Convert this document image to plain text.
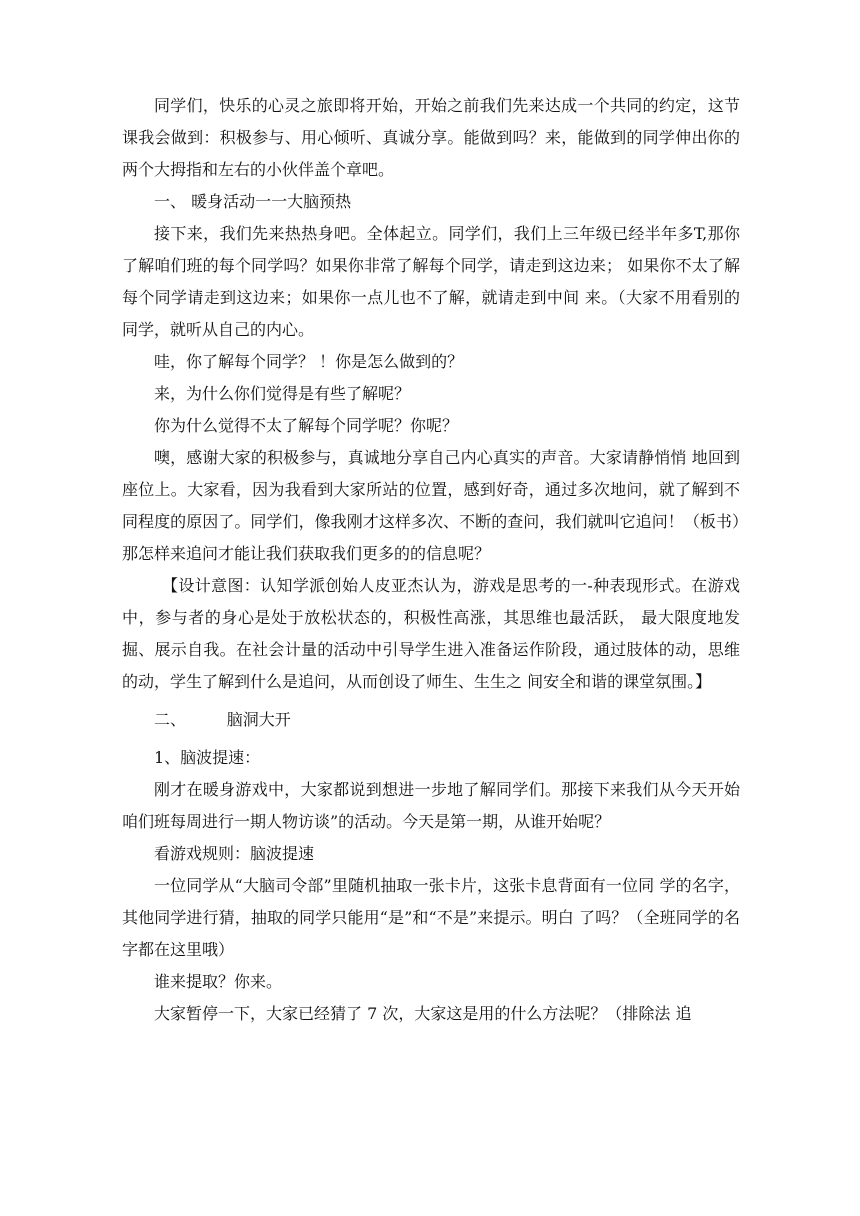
同学们，快乐的心灵之旅即将开始，开始之前我们先来达成一个共同的约定，这节课我会做到：积极参与、用心倾听、真诚分享。能做到吗？来，能做到的同学伸出你的两个大拇指和左右的小伙伴盖个章吧。

一、 暖身活动一一大脑预热

接下来，我们先来热热身吧。全体起立。同学们，我们上三年级已经半年多T,那你了解咱们班的每个同学吗？如果你非常了解每个同学，请走到这边来； 如果你不太了解每个同学请走到这边来；如果你一点儿也不了解，就请走到中间 来。（大家不用看别的同学，就听从自己的内心。

哇，你了解每个同学？ ！你是怎么做到的？

来，为什么你们觉得是有些了解呢？

你为什么觉得不太了解每个同学呢？你呢？

噢，感谢大家的积极参与，真诚地分享自己内心真实的声音。大家请静悄悄 地回到座位上。大家看，因为我看到大家所站的位置，感到好奇，通过多次地问，就了解到不同程度的原因了。同学们，像我刚才这样多次、不断的查问，我们就叫它追问！（板书）那怎样来追问才能让我们获取我们更多的的信息呢？

【设计意图：认知学派创始人皮亚杰认为，游戏是思考的一-种表现形式。在游戏中，参与者的身心是处于放松状态的，积极性高涨，其思维也最活跃， 最大限度地发掘、展示自我。在社会计量的活动中引导学生进入准备运作阶段，通过肢体的动，思维的动，学生了解到什么是追问，从而创设了师生、生生之 间安全和谐的课堂氛围。】

二、        脑洞大开

1、脑波提速：

刚才在暖身游戏中，大家都说到想进一步地了解同学们。那接下来我们从今天开始咱们班每周进行一期人物访谈”的活动。今天是第一期，从谁开始呢？

看游戏规则：脑波提速

一位同学从“大脑司令部”里随机抽取一张卡片，这张卡息背面有一位同 学的名字，其他同学进行猜，抽取的同学只能用“是”和“不是”来提示。明白 了吗？（全班同学的名字都在这里哦）

谁来提取？你来。

大家暂停一下，大家已经猜了 7 次，大家这是用的什么方法呢？（排除法 追
